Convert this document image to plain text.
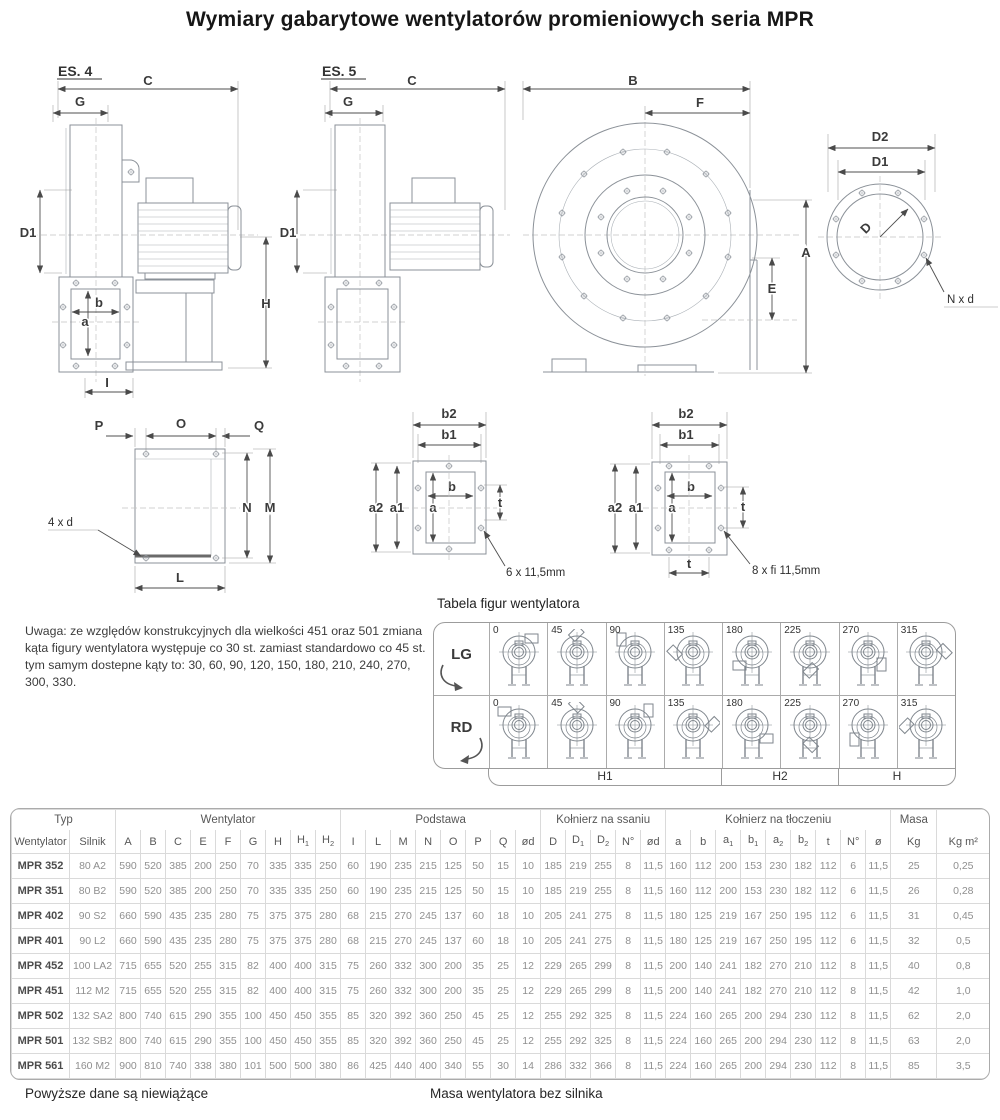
Wymiary gabarytowe wentylatorów promieniowych seria MPR
ES. 4
C
G
b
a
D1
H
I
ES. 5
C
G
D1
B
F
A
E
D2
D1
D
N x d
P	O	Q
N M
L
4 x d
b2
b1
a2 a1
b
a	t
6 x 11,5mm
b2
b1
a2 a1
b
a	t
t	8 x fi 11,5mm
Uwaga: ze względów konstrukcyjnych dla wielkości 451 oraz 501 zmiana kąta figury wentylatora występuje co 30 st. zamiast standardowo co 45 st. tym samym dostepne kąty to: 30, 60, 90, 120, 150, 180, 210, 240, 270, 300, 330.
Tabela figur wentylatora
LG
0	45	90	135	180	225	270	315
RD
0	45	90	135	180	225	270	315
H1	H2	H
Typ		Wentylator									Podstawa								Kołnierz na ssaniu					Kołnierz na tłoczeniu									Masa	
Wentylator	Silnik	A	B	C	E	F	G	H	$H_1$	$H_2$	I	L	M	N	O	P	Q	ød	D	$D_1$	$D_2$	N°	ød	a	b	$a_1$	$b_1$	$a_2$	$b_2$	t	N°	ø	Kg	Kg m²
MPR 352	80 A2	590	520	385	200	250	70	335	335	250	60	190	235	215	125	50	15	10	185	219	255	8	11,5	160	112	200	153	230	182	112	6	11,5	25	0,25
MPR 351	80 B2	590	520	385	200	250	70	335	335	250	60	190	235	215	125	50	15	10	185	219	255	8	11,5	160	112	200	153	230	182	112	6	11,5	26	0,28
MPR 402	90 S2	660	590	435	235	280	75	375	375	280	68	215	270	245	137	60	18	10	205	241	275	8	11,5	180	125	219	167	250	195	112	6	11,5	31	0,45
MPR 401	90 L2	660	590	435	235	280	75	375	375	280	68	215	270	245	137	60	18	10	205	241	275	8	11,5	180	125	219	167	250	195	112	6	11,5	32	0,5
MPR 452	100 LA2	715	655	520	255	315	82	400	400	315	75	260	332	300	200	35	25	12	229	265	299	8	11,5	200	140	241	182	270	210	112	8	11,5	40	0,8
MPR 451	112 M2	715	655	520	255	315	82	400	400	315	75	260	332	300	200	35	25	12	229	265	299	8	11,5	200	140	241	182	270	210	112	8	11,5	42	1,0
MPR 502	132 SA2	800	740	615	290	355	100	450	450	355	85	320	392	360	250	45	25	12	255	292	325	8	11,5	224	160	265	200	294	230	112	8	11,5	62	2,0
MPR 501	132 SB2	800	740	615	290	355	100	450	450	355	85	320	392	360	250	45	25	12	255	292	325	8	11,5	224	160	265	200	294	230	112	8	11,5	63	2,0
MPR 561	160 M2	900	810	740	338	380	101	500	500	380	86	425	440	400	340	55	30	14	286	332	366	8	11,5	224	160	265	200	294	230	112	8	11,5	85	3,5
Powyższe dane są niewiążące	Masa wentylatora bez silnika
